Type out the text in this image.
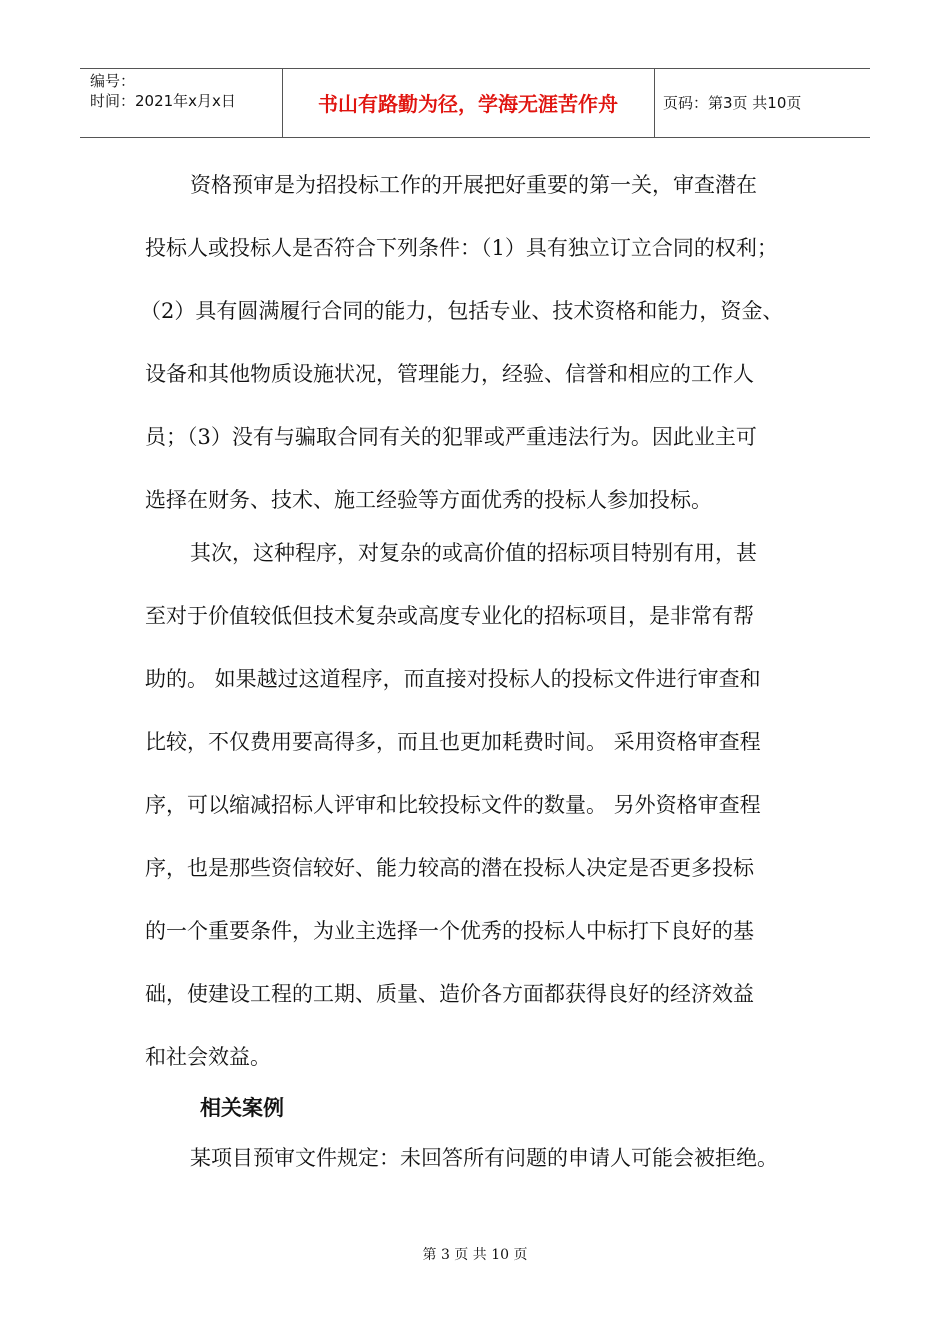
编号：
时间：2021年x月x日	书山有路勤为径，学海无涯苦作舟	页码：第3页 共10页
资格预审是为招投标工作的开展把好重要的第一关，审查潜在
投标人或投标人是否符合下列条件：（1）具有独立订立合同的权利；
（2）具有圆满履行合同的能力，包括专业、技术资格和能力，资金、
设备和其他物质设施状况，管理能力，经验、信誉和相应的工作人
员；（3）没有与骗取合同有关的犯罪或严重违法行为。因此业主可
选择在财务、技术、施工经验等方面优秀的投标人参加投标。
其次，这种程序，对复杂的或高价值的招标项目特别有用，甚
至对于价值较低但技术复杂或高度专业化的招标项目，是非常有帮
助的。 如果越过这道程序，而直接对投标人的投标文件进行审查和
比较，不仅费用要高得多，而且也更加耗费时间。 采用资格审查程
序，可以缩减招标人评审和比较投标文件的数量。 另外资格审查程
序，也是那些资信较好、能力较高的潜在投标人决定是否更多投标
的一个重要条件，为业主选择一个优秀的投标人中标打下良好的基
础，使建设工程的工期、质量、造价各方面都获得良好的经济效益
和社会效益。
相关案例
某项目预审文件规定：未回答所有问题的申请人可能会被拒绝。
第 3 页 共 10 页
